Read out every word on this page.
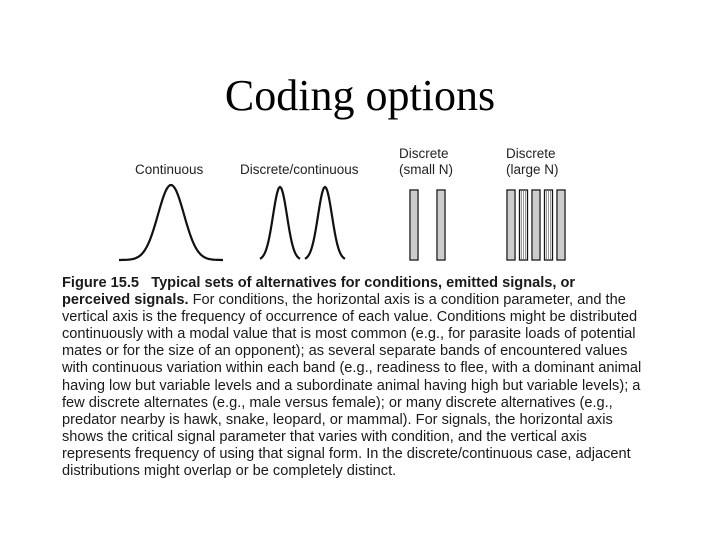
Coding options
Continuous	Discrete/continuous
Discrete
(small N)
Discrete
(large N)
Figure 15.5 Typical sets of alternatives for conditions, emitted signals, or perceived signals. For conditions, the horizontal axis is a condition parameter, and the vertical axis is the frequency of occurrence of each value. Conditions might be distributed continuously with a modal value that is most common (e.g., for parasite loads of potential mates or for the size of an opponent); as several separate bands of encountered values with continuous variation within each band (e.g., readiness to flee, with a dominant animal having low but variable levels and a subordinate animal having high but variable levels); a few discrete alternates (e.g., male versus female); or many discrete alternatives (e.g., predator nearby is hawk, snake, leopard, or mammal). For signals, the horizontal axis shows the critical signal parameter that varies with condition, and the vertical axis represents frequency of using that signal form. In the discrete/continuous case, adjacent distributions might overlap or be completely distinct.
